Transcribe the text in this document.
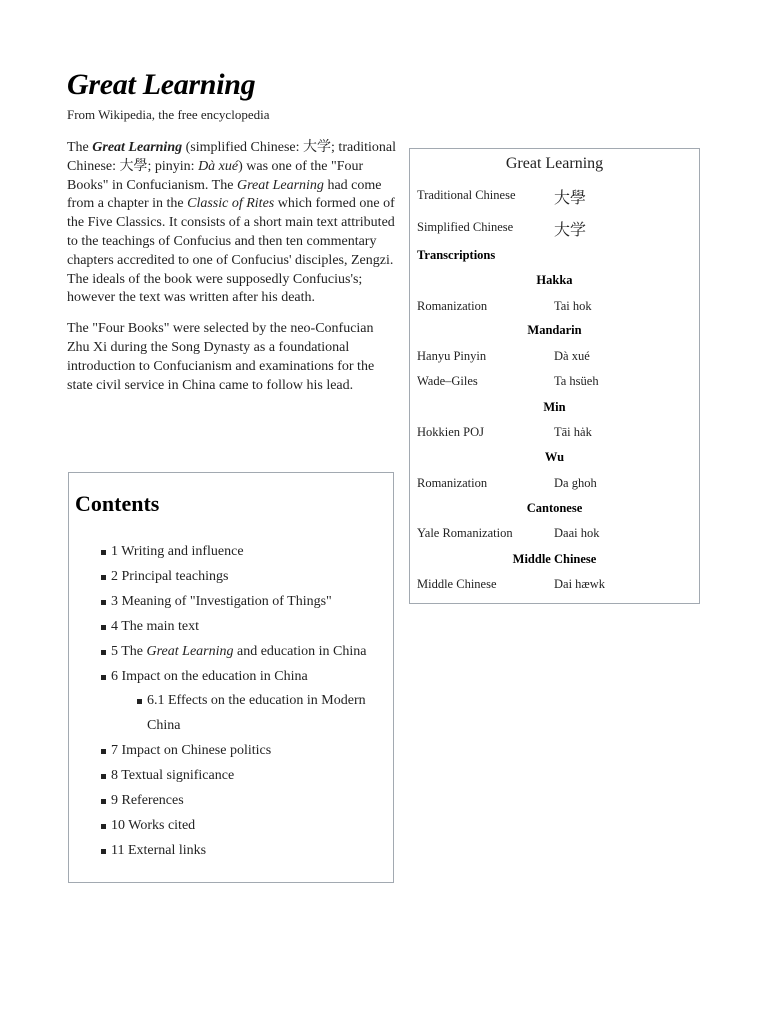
Great Learning
From Wikipedia, the free encyclopedia

The Great Learning (simplified Chinese: 大学; traditional Chinese: 大學; pinyin: Dà xué) was one of the "Four Books" in Confucianism. The Great Learning had come from a chapter in the Classic of Rites which formed one of the Five Classics. It consists of a short main text attributed to the teachings of Confucius and then ten commentary chapters accredited to one of Confucius' disciples, Zengzi. The ideals of the book were supposedly Confucius's; however the text was written after his death.

The "Four Books" were selected by the neo-Confucian Zhu Xi during the Song Dynasty as a foundational introduction to Confucianism and examinations for the state civil service in China came to follow his lead.

Contents
1 Writing and influence
2 Principal teachings
3 Meaning of "Investigation of Things"
4 The main text
5 The Great Learning and education in China
6 Impact on the education in China
6.1 Effects on the education in Modern China
7 Impact on Chinese politics
8 Textual significance
9 References
10 Works cited
11 External links
Great Learning
Traditional Chinese 大學
Simplified Chinese	大学
Transcriptions
Hakka
Romanization	Tai hok
Mandarin
Hanyu Pinyin	Dà xué
Wade–Giles	Ta hsüeh
Min
Hokkien POJ	Tāi hȧk
Wu
Romanization	Da ghoh
Cantonese
Yale Romanization	Daai hok
Middle Chinese
Middle Chinese	Dai hæwk
